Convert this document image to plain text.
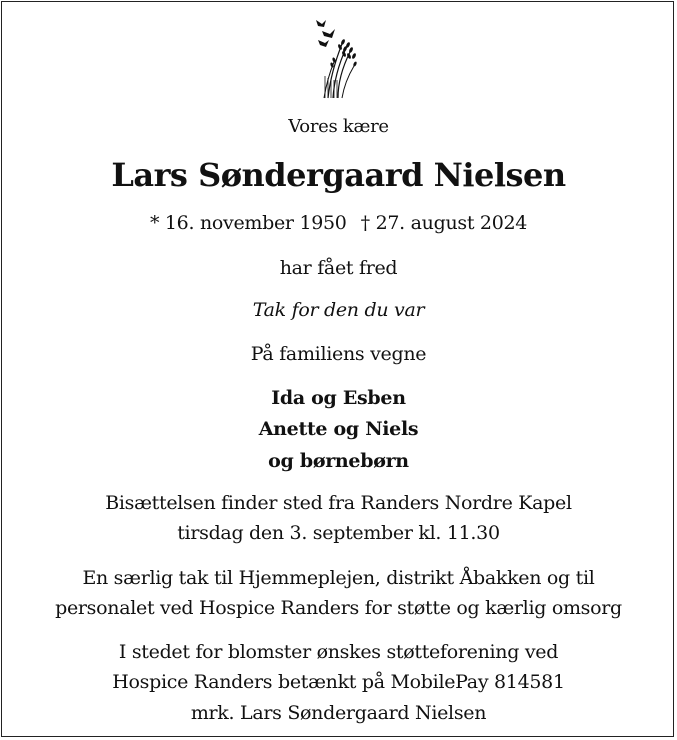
Vores kære
Lars Søndergaard Nielsen
* 16. november 1950 † 27. august 2024
har fået fred
Tak for den du var
På familiens vegne
Ida og Esben
Anette og Niels
og børnebørn
Bisættelsen finder sted fra Randers Nordre Kapel
tirsdag den 3. september kl. 11.30
En særlig tak til Hjemmeplejen, distrikt Åbakken og til
personalet ved Hospice Randers for støtte og kærlig omsorg
I stedet for blomster ønskes støtteforening ved
Hospice Randers betænkt på MobilePay 814581
mrk. Lars Søndergaard Nielsen
